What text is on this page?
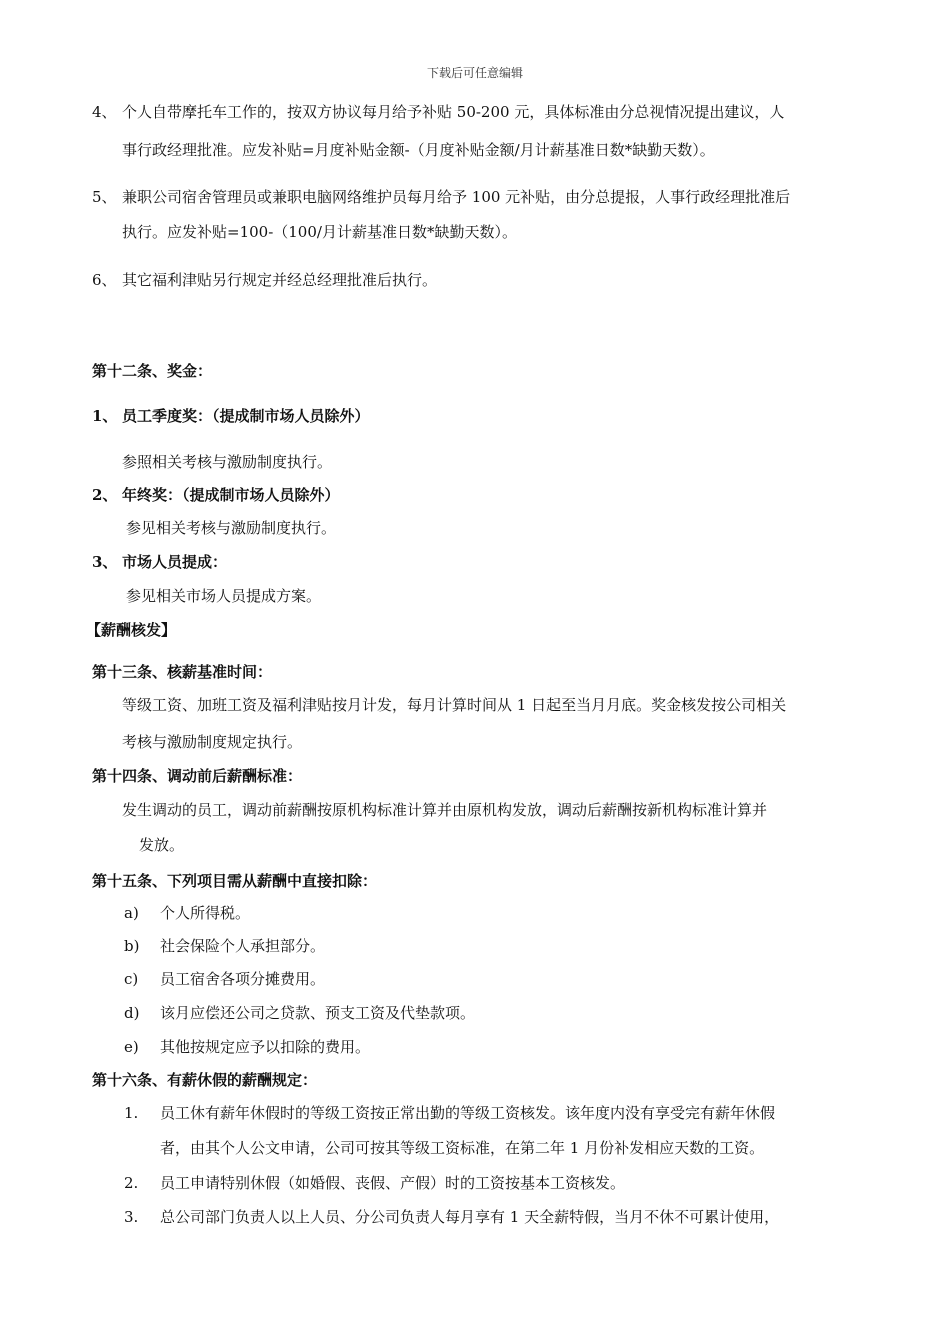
下载后可任意编辑
4、 个人自带摩托车工作的，按双方协议每月给予补贴 50-200 元，具体标准由分总视情况提出建议，人
事行政经理批准。应发补贴=月度补贴金额-（月度补贴金额/月计薪基准日数*缺勤天数）。
5、 兼职公司宿舍管理员或兼职电脑网络维护员每月给予 100 元补贴，由分总提报，人事行政经理批准后
执行。应发补贴=100-（100/月计薪基准日数*缺勤天数）。
6、 其它福利津贴另行规定并经总经理批准后执行。
第十二条、奖金：
1、 员工季度奖：（提成制市场人员除外）
参照相关考核与激励制度执行。
2、 年终奖：（提成制市场人员除外）
参见相关考核与激励制度执行。
3、 市场人员提成：
参见相关市场人员提成方案。
【薪酬核发】
第十三条、核薪基准时间：
等级工资、加班工资及福利津贴按月计发，每月计算时间从 1 日起至当月月底。奖金核发按公司相关
考核与激励制度规定执行。
第十四条、调动前后薪酬标准：
发生调动的员工，调动前薪酬按原机构标准计算并由原机构发放，调动后薪酬按新机构标准计算并
发放。
第十五条、下列项目需从薪酬中直接扣除：
a) 个人所得税。
b) 社会保险个人承担部分。
c) 员工宿舍各项分摊费用。
d) 该月应偿还公司之贷款、预支工资及代垫款项。
e) 其他按规定应予以扣除的费用。
第十六条、有薪休假的薪酬规定：
1. 员工休有薪年休假时的等级工资按正常出勤的等级工资核发。该年度内没有享受完有薪年休假
者，由其个人公文申请，公司可按其等级工资标准，在第二年 1 月份补发相应天数的工资。
2. 员工申请特别休假（如婚假、丧假、产假）时的工资按基本工资核发。
3. 总公司部门负责人以上人员、分公司负责人每月享有 1 天全薪特假，当月不休不可累计使用，
